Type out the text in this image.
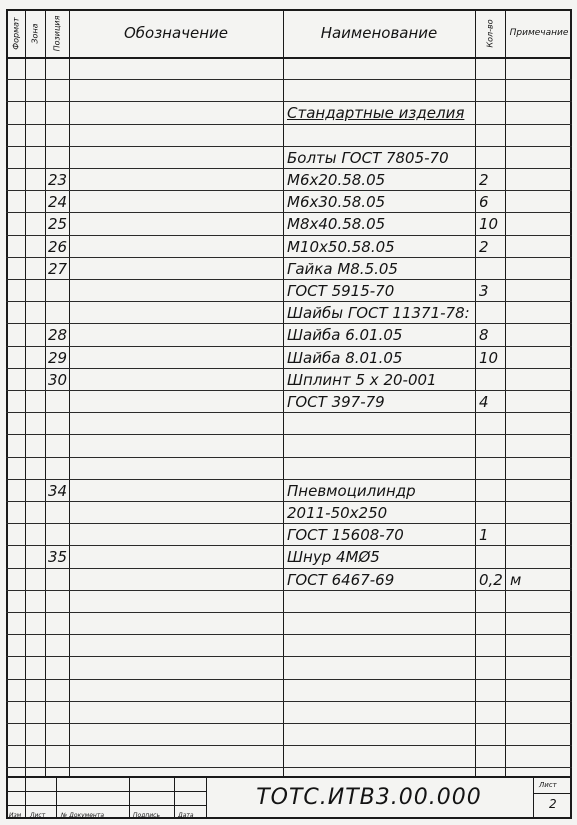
Формат Зона Позиция	Обозначение	Наименование	Кол-во	Примечание
Стандартные изделия
Болты ГОСТ 7805-70
23	М6х20.58.05	2
24	М6х30.58.05	6
25	М8х40.58.05	10
26	М10х50.58.05	2
27	Гайка М8.5.05
ГОСТ 5915-70	3
Шайбы ГОСТ 11371-78:
28	Шайба 6.01.05	8
29	Шайба 8.01.05	10
30	Шплинт 5 х 20-001
ГОСТ 397-79	4
34	Пневмоцилиндр
2011-50х250
ГОСТ 15608-70	1
35	Шнур 4МØ5
ГОСТ 6467-69	0,2 м
ТОТС.ИТВ3.00.000	Лист
2
Изм Лист	№ Документа	Подпись	Дата
